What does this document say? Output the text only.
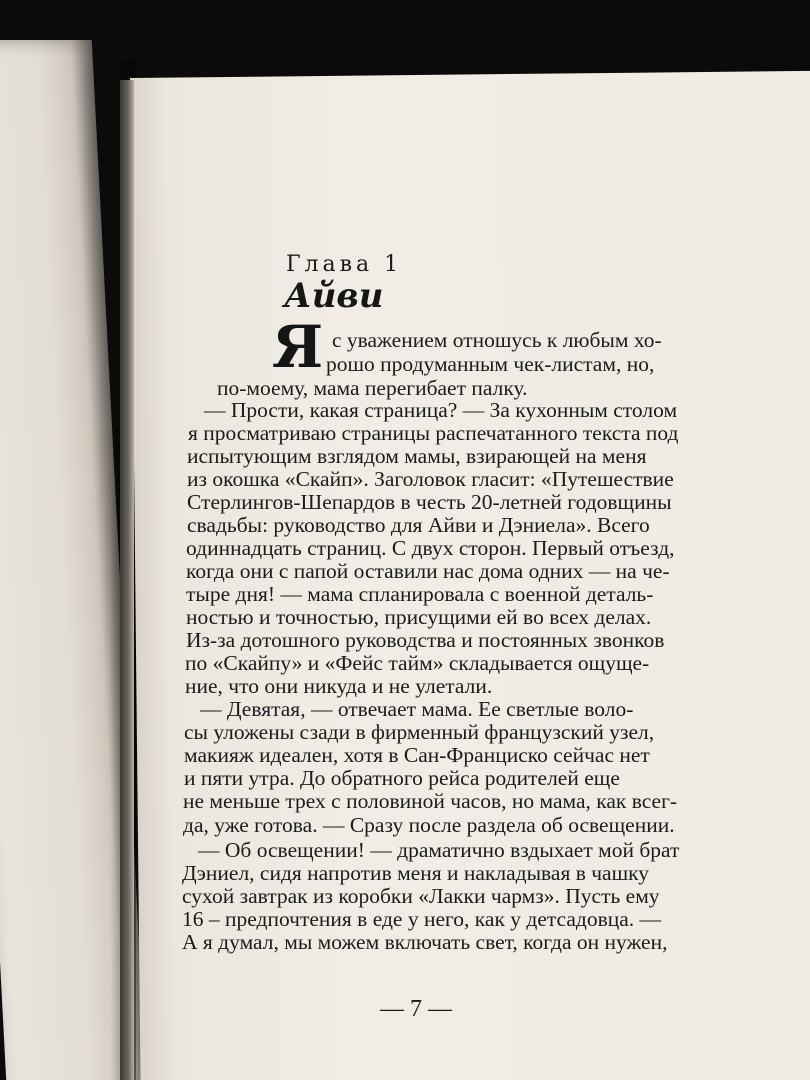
Глава 1
Айви
Я с уважением отношусь к любым хо-
рошо продуманным чек-листам, но,
по-моему, мама перегибает палку.
— Прости, какая страница? — За кухонным столом
я просматриваю страницы распечатанного текста под
испытующим взглядом мамы, взирающей на меня
из окошка «Скайп». Заголовок гласит: «Путешествие
Стерлингов-Шепардов в честь 20-летней годовщины
свадьбы: руководство для Айви и Дэниела». Всего
одиннадцать страниц. С двух сторон. Первый отъезд,
когда они с папой оставили нас дома одних — на че-
тыре дня! — мама спланировала с военной деталь-
ностью и точностью, присущими ей во всех делах.
Из-за дотошного руководства и постоянных звонков
по «Скайпу» и «Фейс тайм» складывается ощуще-
ние, что они никуда и не улетали.
— Девятая, — отвечает мама. Ее светлые воло-
сы уложены сзади в фирменный французский узел,
макияж идеален, хотя в Сан-Франциско сейчас нет
и пяти утра. До обратного рейса родителей еще
не меньше трех с половиной часов, но мама, как всег-
да, уже готова. — Сразу после раздела об освещении.
— Об освещении! — драматично вздыхает мой брат
Дэниел, сидя напротив меня и накладывая в чашку
сухой завтрак из коробки «Лакки чармз». Пусть ему
16 – предпочтения в еде у него, как у детсадовца. —
А я думал, мы можем включать свет, когда он нужен,
— 7 —
